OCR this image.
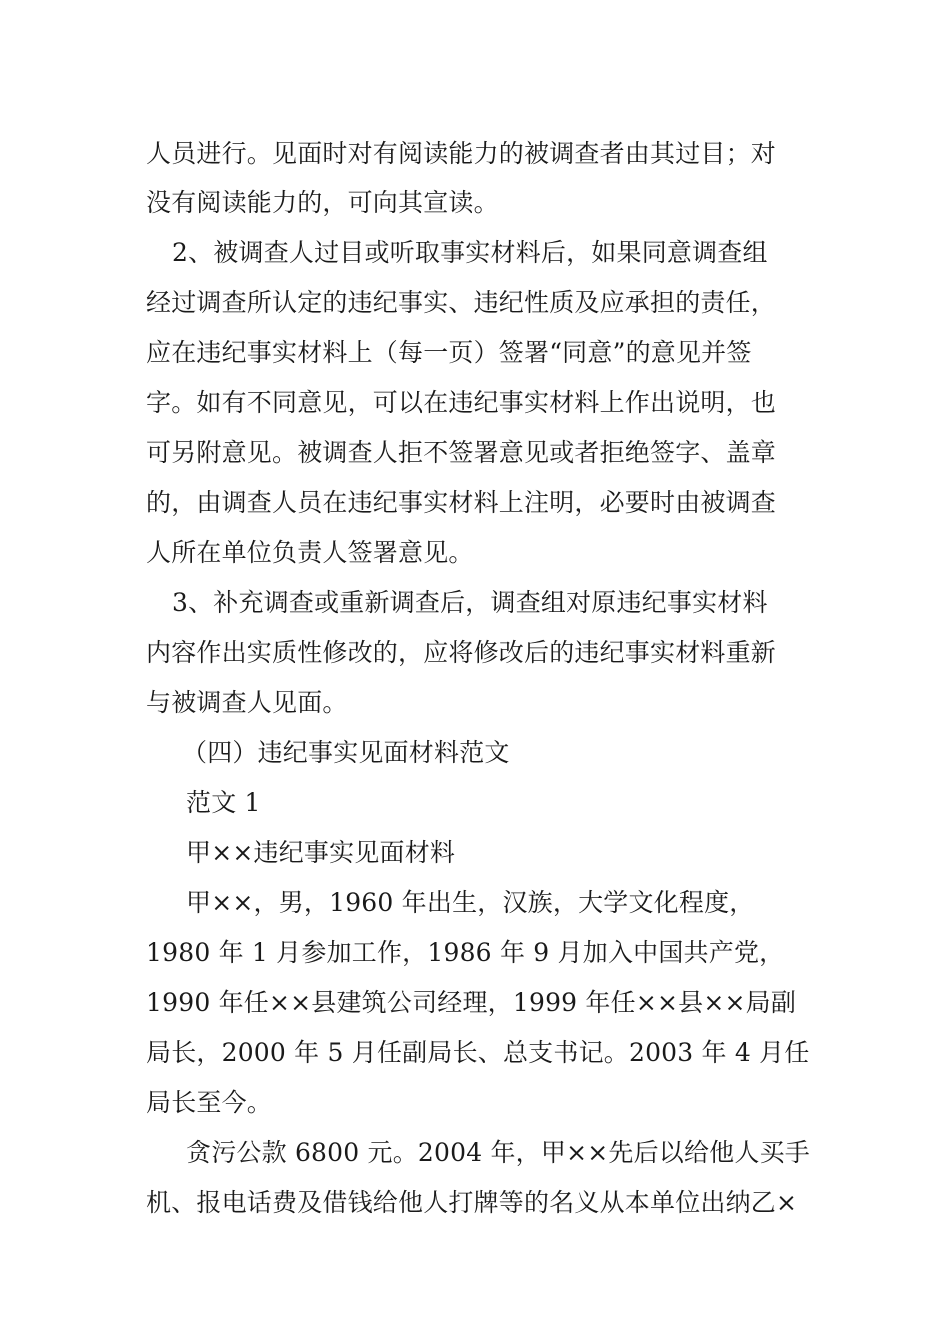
人员进行。见面时对有阅读能力的被调查者由其过目；对
没有阅读能力的，可向其宣读。
2、被调查人过目或听取事实材料后，如果同意调查组
经过调查所认定的违纪事实、违纪性质及应承担的责任，
应在违纪事实材料上（每一页）签署“同意”的意见并签
字。如有不同意见，可以在违纪事实材料上作出说明，也
可另附意见。被调查人拒不签署意见或者拒绝签字、盖章
的，由调查人员在违纪事实材料上注明，必要时由被调查
人所在单位负责人签署意见。
3、补充调查或重新调查后，调查组对原违纪事实材料
内容作出实质性修改的，应将修改后的违纪事实材料重新
与被调查人见面。
（四）违纪事实见面材料范文
范文 1
甲××违纪事实见面材料
甲××，男，1960 年出生，汉族，大学文化程度，
1980 年 1 月参加工作，1986 年 9 月加入中国共产党，
1990 年任××县建筑公司经理，1999 年任××县××局副
局长，2000 年 5 月任副局长、总支书记。2003 年 4 月任
局长至今。
贪污公款 6800 元。2004 年，甲××先后以给他人买手
机、报电话费及借钱给他人打牌等的名义从本单位出纳乙×
